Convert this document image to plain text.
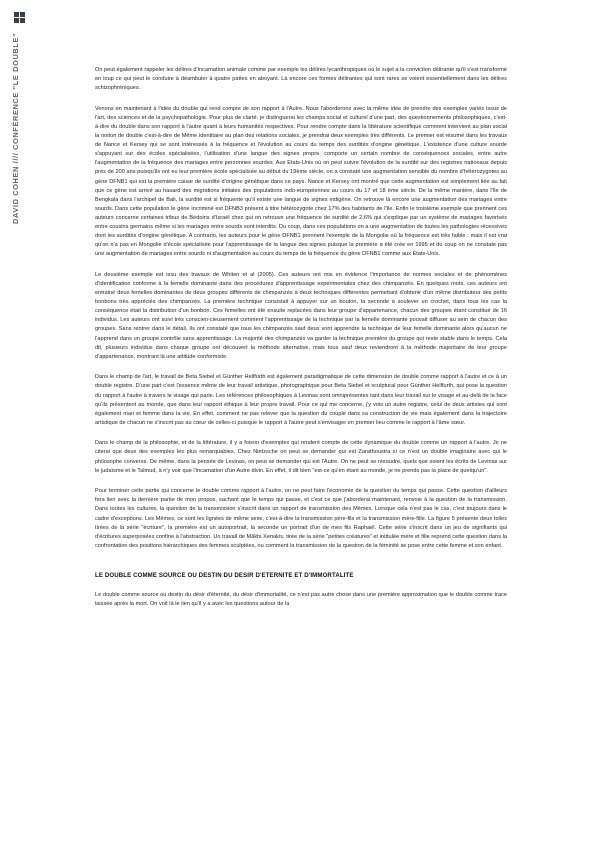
DAVID COHEN //// CONFÉRENCE "LE DOUBLE"	On peut également rappeler les délires d'incarnation animale comme par exemple les délires lycanthropiques où le sujet a la conviction délirante qu'il s'est transformé en loup ce qui peut le conduire à déambuler à quatre pattes en aboyant. Là encore ces formes délirantes qui sont rares se voient essentiellement dans les délires schizophréniques.

Venons en maintenant à l'idée du double qui rend compte de son rapport à l'Autre. Nous l'aborderons avec la même idée de prendre des exemples variés issus de l'art, des sciences et de la psychopathologie. Pour plus de clarté, je distinguerai les champs social et culturel d'une part, des questionnements philosophiques, c'est-à-dire du double dans son rapport à l'autre quant à leurs humanités respectives. Pour rendre compte dans la littérature scientifique comment intervient au plan social la notion de double c'est-à-dire de Même identitaire au plan des relations sociales, je prendrai deux exemples très différents. Le premier est résumé dans les travaux de Nance et Kersey qui se sont intéressés à la fréquence et l'évolution au cours du temps des surdités d'origine génétique. L'existence d'une culture sourde s'appuyant sur des écoles spécialisées, l'utilisation d'une langue des signes propre, comporte un certain nombre de conséquences sociales, entre autre l'augmentation de la fréquence des mariages entre personnes sourdes. Aux Etats-Unis où on peut suivre l'évolution de la surdité sur des registres nationaux depuis près de 200 ans puisqu'ils ont eu leur première école spécialisée au début du 19ème siècle, on a constaté une augmentation sensible du nombre d'hétérozygotes au gène DFNB1 qui est la première cause de surdité d'origine génétique dans ce pays. Nance et Kersey ont montré que cette augmentation est simplement liée au fait que ce gène est arrivé au hasard des migrations initiales des populations indo-européennes au cours du 17 et 18 ème siècle. De la même manière, dans l'île de Bengkala dans l'archipel de Bali, la surdité est si fréquente qu'il existe une langue de signes indigène. On retrouve là encore une augmentation des mariages entre sourds. Dans cette population le gène incriminé est DFNB3 présent à titre hétérozygote chez 17% des habitants de l'île. Enfin le troisième exemple que prennent ces auteurs concerne certaines tribus de Bédoins d'Israël chez qui on retrouve une fréquence de surdité de 2,6% qui s'explique par un système de mariages favorisés entre cousins germains même si les mariages entre sourds sont interdits. Du coup, dans ces populations on a une augmentation de toutes les pathologies récessives dont les surdités d'origine génétique. A contrario, les auteurs pour le gène DFNB1 prennent l'exemple de la Mongolie où la fréquence est très faible ; mais il est vrai qu'on n'a pas en Mongolie d'école spécialisée pour l'apprentissage de la langue des signes puisque la première a été crée en 1995 et du coup on ne constate pas une augmentation de mariages entre sourds ni d'augmentation au cours du temps de la fréquence du gène DFNB1 comme aux Etats-Unis.

Le deuxième exemple est issu des travaux de Whiten et al (2005). Ces auteurs ont mis en évidence l'importance de normes sociales et de phénomènes d'identification conforme à la femelle dominante dans des procédures d'apprentissage expérimentales chez des chimpanzés. En quelques mots, ces auteurs ont entrainé deux femelles dominantes de deux groupes différents de chimpanzés à deux techniques différentes permettant d'obtenir d'un même distributeur des petits bonbons très appréciés des chimpanzés. La première technique consistait à appuyer sur un bouton, la seconde à soulever un crochet, dans tous les cas la conséquence était la distribution d'un bonbon. Ces femelles ont été ensuite replacées dans leur groupe d'appartenance, chacun des groupes étant constitué de 16 individus. Les auteurs ont suivi très conscien-cieusement comment l'apprentissage de la technique par la femelle dominante pouvait diffuser au sein de chacun des groupes. Sans rentrer dans le détail, ils ont constaté que tous les chimpanzés sauf deux vont apprendre la technique de leur femelle dominante alors qu'aucun ne l'apprend dans un groupe contrôle sans apprentissage. La majorité des chimpanzés va garder la technique première du groupe qui reste stable dans le temps. Cela dit, plusieurs individus dans chaque groupe ont découvert la méthode alternative, mais tous sauf deux reviendront à la méthode majoritaire de leur groupe d'appartenance, montrant là une attitude conformiste.

Dans le champ de l'art, le travail de Beta Siebel et Günther Hellfurth est également paradigmatique de cette dimension de double comme rapport à l'autre et ce à un double registre. D'une part c'est l'essence même de leur travail artistique, photographique pour Beta Siebel et sculptural pour Günther Hellfurth, qui pose la question du rapport à l'autre à travers le visage qui parle. Les références philosophiques à Levinas sont omniprésentes tant dans leur travail sur le visage et au-delà de la face qu'ils présentent au monde, que dans leur rapport éthique à leur propre travail. Pour ce qui me concerne, j'y vois un autre registre, celui de deux artistes qui sont également mari et femme dans la vie. En effet, comment ne pas relever que la question du couple dans sa construction de vie mais également dans la trajectoire artistique de chacun ne s'inscrit pas au cœur de celles-ci puisque le rapport à l'autre peut s'envisager en premier lieu comme le rapport à l'âme sœur.

Dans le champ de la philosophie, et de la littérature, il y a foison d'exemples qui rendent compte de cette dynamique du double comme un rapport à l'autre. Je ne citerai que deux des exemples les plus remarquables. Chez Nietzsche on peut se demander qui est Zarathoustra si ce n'est un double imaginaire avec qui le philosophe converse. De même, dans la pensée de Levinas, on peut se demander qui est l'Autre. On ne peut se résoudre, quels que soient les écrits de Levinas sur le judaïsme et le Talmud, à n'y voir que l'incarnation d'un Autre divin. En effet, il dit bien "est-ce qu'en étant au monde, je ne prends pas la place de quelqu'un".

Pour terminer cette partie qui concerne le double comme rapport à l'autre, on ne peut faire l'économie de la question du temps qui passe. Cette question d'ailleurs fera lien avec la dernière partie de mon propos, sachant que le temps qui passe, et c'est ce que j'aborderai maintenant, renvoie à la question de la transmission. Dans toutes les cultures, la question de la transmission s'inscrit dans un rapport de transmission des Mêmes. Lorsque cela n'est pas le cas, c'est toujours dans le cadre d'exceptions. Les Mêmes, ce sont les lignées de même sexe, c'est-à-dire la transmission père-fils et la transmission mère-fille. La figure 5 présente deux toiles tirées de la série "écriture", la première est un autoportrait, la seconde un portrait d'un de mes fils Raphaël. Cette série s'inscrit dans un jeu de signifiants qui d'écritures superposées confine à l'abstraction. Un travail de Mâkhi Xenakis, tirée de la série "petites créatures" et intitulée mère et fille reprend cette question dans la confrontation des positions hiérarchiques des femmes sculptées, ou comment la transmission de la question de la féminité se pose entre cette femme et son enfant.

LE DOUBLE COMME SOURCE OU DESTIN DU DESIR D'ETERNITE ET D'IMMORTALITE

Le double comme source ou destin du désir d'éternité, du désir d'immortalité, ce n'est pas autre chose dans une première approximation que le double comme trace laissée après la mort. On voit là le lien qu'il y a avec les questions autour de la
